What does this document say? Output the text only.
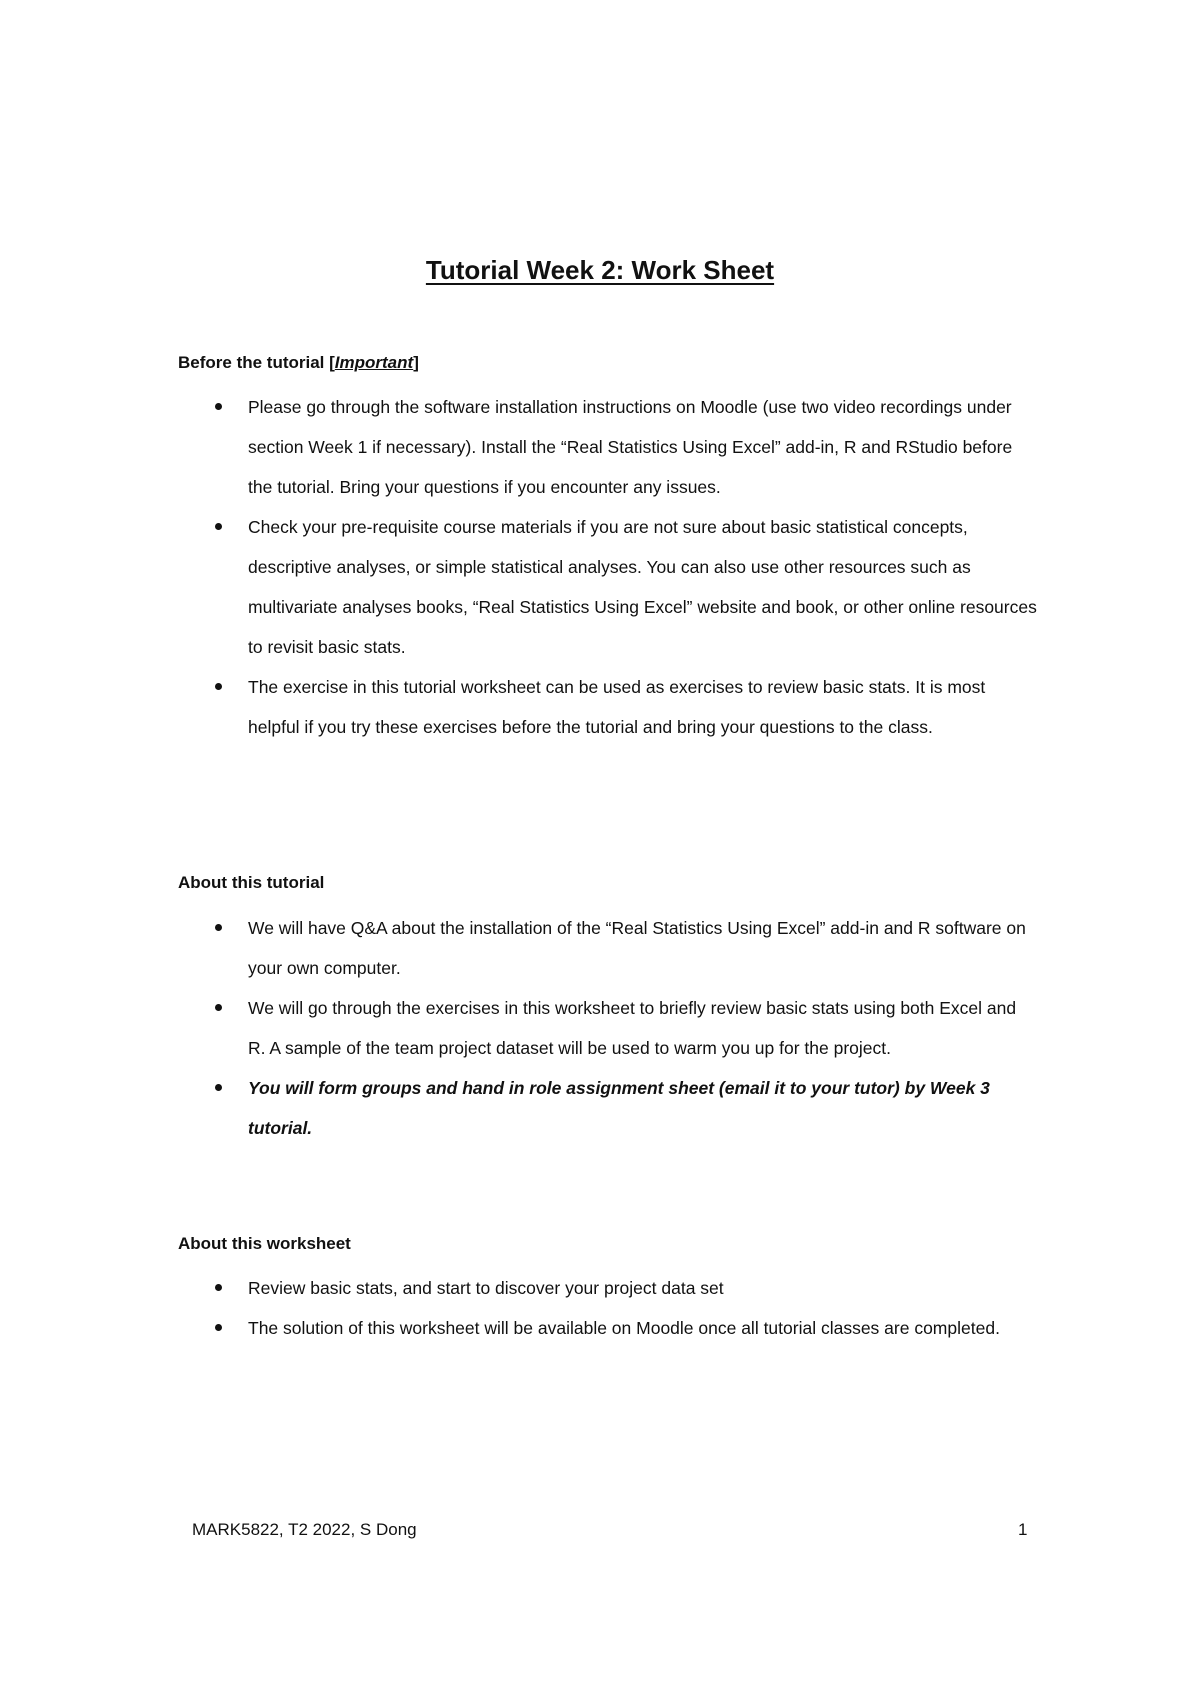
Tutorial Week 2: Work Sheet
Before the tutorial [Important]
Please go through the software installation instructions on Moodle (use two video recordings under section Week 1 if necessary). Install the “Real Statistics Using Excel” add-in, R and RStudio before the tutorial. Bring your questions if you encounter any issues.
Check your pre-requisite course materials if you are not sure about basic statistical concepts, descriptive analyses, or simple statistical analyses. You can also use other resources such as multivariate analyses books, “Real Statistics Using Excel” website and book, or other online resources to revisit basic stats.
The exercise in this tutorial worksheet can be used as exercises to review basic stats. It is most helpful if you try these exercises before the tutorial and bring your questions to the class.
About this tutorial
We will have Q&A about the installation of the “Real Statistics Using Excel” add-in and R software on your own computer.
We will go through the exercises in this worksheet to briefly review basic stats using both Excel and R. A sample of the team project dataset will be used to warm you up for the project.
You will form groups and hand in role assignment sheet (email it to your tutor) by Week 3 tutorial.
About this worksheet
Review basic stats, and start to discover your project data set
The solution of this worksheet will be available on Moodle once all tutorial classes are completed.
MARK5822, T2 2022, S Dong	1
